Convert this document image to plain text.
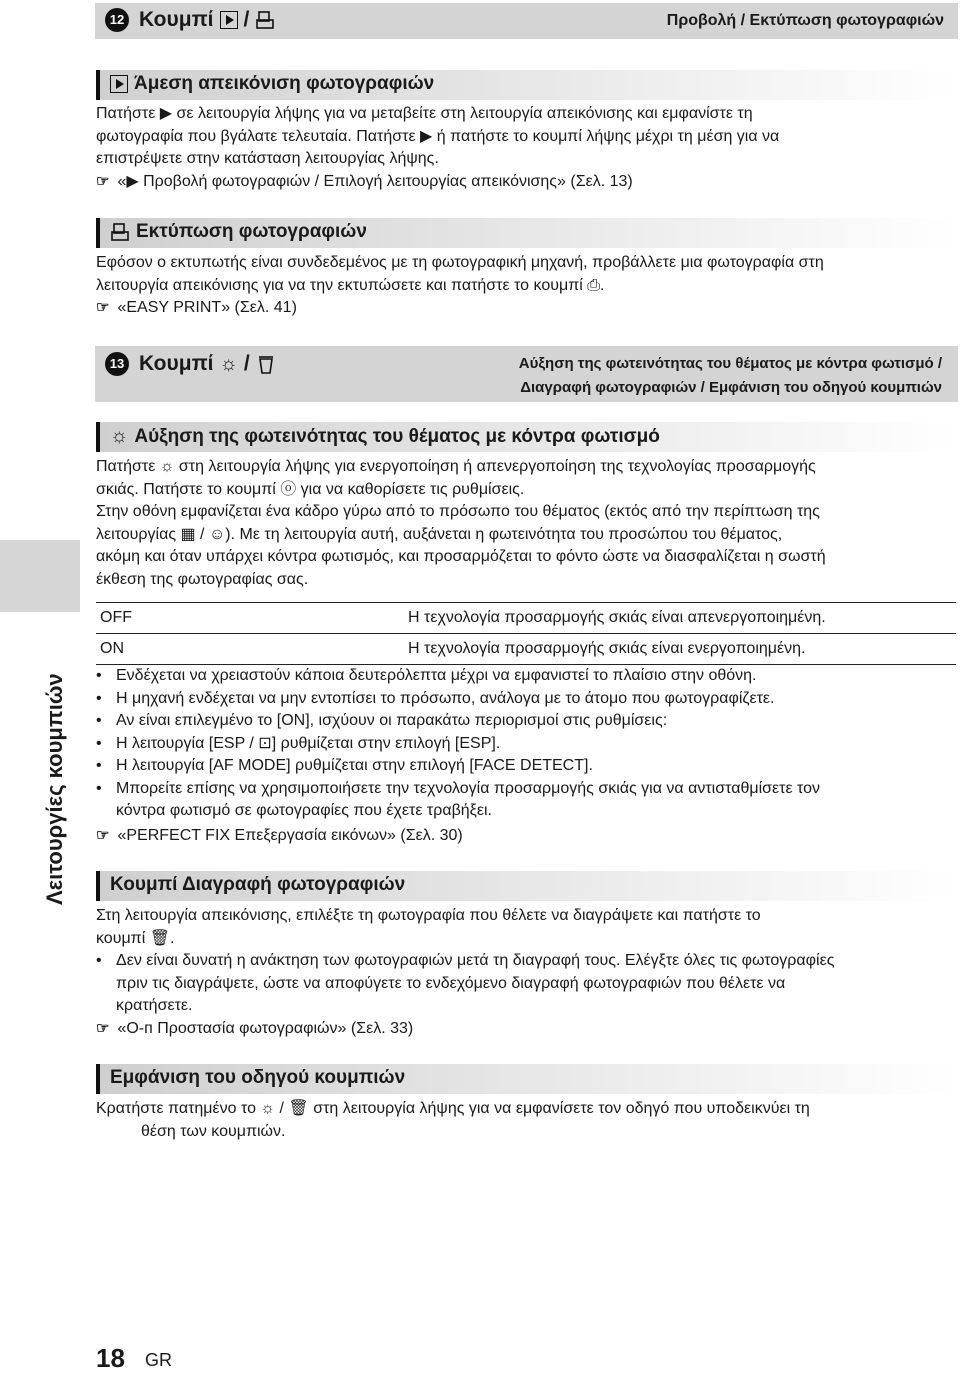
12 Κουμπί /	Προβολή / Εκτύπωση φωτογραφιών
Άμεση απεικόνιση φωτογραφιών
Πατήστε ▶ σε λειτουργία λήψης για να μεταβείτε στη λειτουργία απεικόνισης και εμφανίστε τη
φωτογραφία που βγάλατε τελευταία. Πατήστε ▶ ή πατήστε το κουμπί λήψης μέχρι τη μέση για να
επιστρέψετε στην κατάσταση λειτουργίας λήψης.
☞ «▶ Προβολή φωτογραφιών / Επιλογή λειτουργίας απεικόνισης» (Σελ. 13)
Εκτύπωση φωτογραφιών
Εφόσον ο εκτυπωτής είναι συνδεδεμένος με τη φωτογραφική μηχανή, προβάλλετε μια φωτογραφία στη
λειτουργία απεικόνισης για να την εκτυπώσετε και πατήστε το κουμπί ⎙.
☞ «EASY PRINT» (Σελ. 41)
13 Κουμπί ☼ /	Αύξηση της φωτεινότητας του θέματος με κόντρα φωτισμό /
Διαγραφή φωτογραφιών / Εμφάνιση του οδηγού κουμπιών
☼ Αύξηση της φωτεινότητας του θέματος με κόντρα φωτισμό
Πατήστε ☼ στη λειτουργία λήψης για ενεργοποίηση ή απενεργοποίηση της τεχνολογίας προσαρμογής
σκιάς. Πατήστε το κουμπί ⓞ για να καθορίσετε τις ρυθμίσεις.
Στην οθόνη εμφανίζεται ένα κάδρο γύρω από το πρόσωπο του θέματος (εκτός από την περίπτωση της
λειτουργίας ▦ / ☺). Με τη λειτουργία αυτή, αυξάνεται η φωτεινότητα του προσώπου του θέματος,
ακόμη και όταν υπάρχει κόντρα φωτισμός, και προσαρμόζεται το φόντο ώστε να διασφαλίζεται η σωστή
έκθεση της φωτογραφίας σας.
OFF	Η τεχνολογία προσαρμογής σκιάς είναι απενεργοποιημένη.
ON	Η τεχνολογία προσαρμογής σκιάς είναι ενεργοποιημένη.
• Ενδέχεται να χρειαστούν κάποια δευτερόλεπτα μέχρι να εμφανιστεί το πλαίσιο στην οθόνη.
• Η μηχανή ενδέχεται να μην εντοπίσει το πρόσωπο, ανάλογα με το άτομο που φωτογραφίζετε.
• Αν είναι επιλεγμένο το [ON], ισχύουν οι παρακάτω περιορισμοί στις ρυθμίσεις:
• Η λειτουργία [ESP / ⊡] ρυθμίζεται στην επιλογή [ESP].
• Η λειτουργία [AF MODE] ρυθμίζεται στην επιλογή [FACE DETECT].
• Μπορείτε επίσης να χρησιμοποιήσετε την τεχνολογία προσαρμογής σκιάς για να αντισταθμίσετε τον
κόντρα φωτισμό σε φωτογραφίες που έχετε τραβήξει.
☞ «PERFECT FIX Επεξεργασία εικόνων» (Σελ. 30)
Κουμπί Διαγραφή φωτογραφιών
Στη λειτουργία απεικόνισης, επιλέξτε τη φωτογραφία που θέλετε να διαγράψετε και πατήστε το
κουμπί 🗑.
• Δεν είναι δυνατή η ανάκτηση των φωτογραφιών μετά τη διαγραφή τους. Ελέγξτε όλες τις φωτογραφίες
πριν τις διαγράψετε, ώστε να αποφύγετε το ενδεχόμενο διαγραφή φωτογραφιών που θέλετε να
κρατήσετε.
☞ «О-п Προστασία φωτογραφιών» (Σελ. 33)
Εμφάνιση του οδηγού κουμπιών
Κρατήστε πατημένο το ☼ / 🗑 στη λειτουργία λήψης για να εμφανίσετε τον οδηγό που υποδεικνύει τη
θέση των κουμπιών.
Λειτουργίες κουμπιών
18 GR
